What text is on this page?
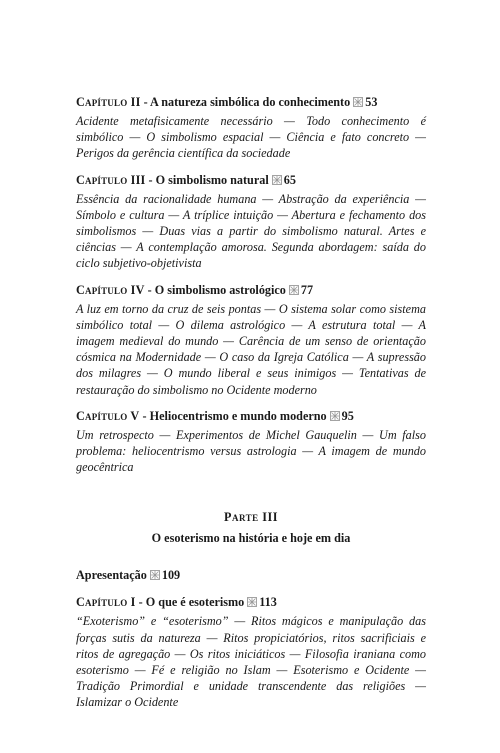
Capítulo II - A natureza simbólica do conhecimento 53
Acidente metafisicamente necessário — Todo conhecimento é simbólico — O simbolismo espacial — Ciência e fato concreto — Perigos da gerência científica da sociedade
Capítulo III - O simbolismo natural 65
Essência da racionalidade humana — Abstração da experiência — Símbolo e cultura — A tríplice intuição — Abertura e fechamento dos simbolismos — Duas vias a partir do simbolismo natural. Artes e ciências — A contemplação amorosa. Segunda abordagem: saída do ciclo subjetivo-objetivista
Capítulo IV - O simbolismo astrológico 77
A luz em torno da cruz de seis pontas — O sistema solar como sistema simbólico total — O dilema astrológico — A estrutura total — A imagem medieval do mundo — Carência de um senso de orientação cósmica na Modernidade — O caso da Igreja Católica — A supressão dos milagres — O mundo liberal e seus inimigos — Tentativas de restauração do simbolismo no Ocidente moderno
Capítulo V - Heliocentrismo e mundo moderno 95
Um retrospecto — Experimentos de Michel Gauquelin — Um falso problema: heliocentrismo versus astrologia — A imagem de mundo geocêntrica
Parte III
O esoterismo na história e hoje em dia
Apresentação 109
Capítulo I - O que é esoterismo 113
“Exoterismo” e “esoterismo” — Ritos mágicos e manipulação das forças sutis da natureza — Ritos propiciatórios, ritos sacrificiais e ritos de agregação — Os ritos iniciáticos — Filosofia iraniana como esoterismo — Fé e religião no Islam — Esoterismo e Ocidente — Tradição Primordial e unidade transcendente das religiões — Islamizar o Ocidente
